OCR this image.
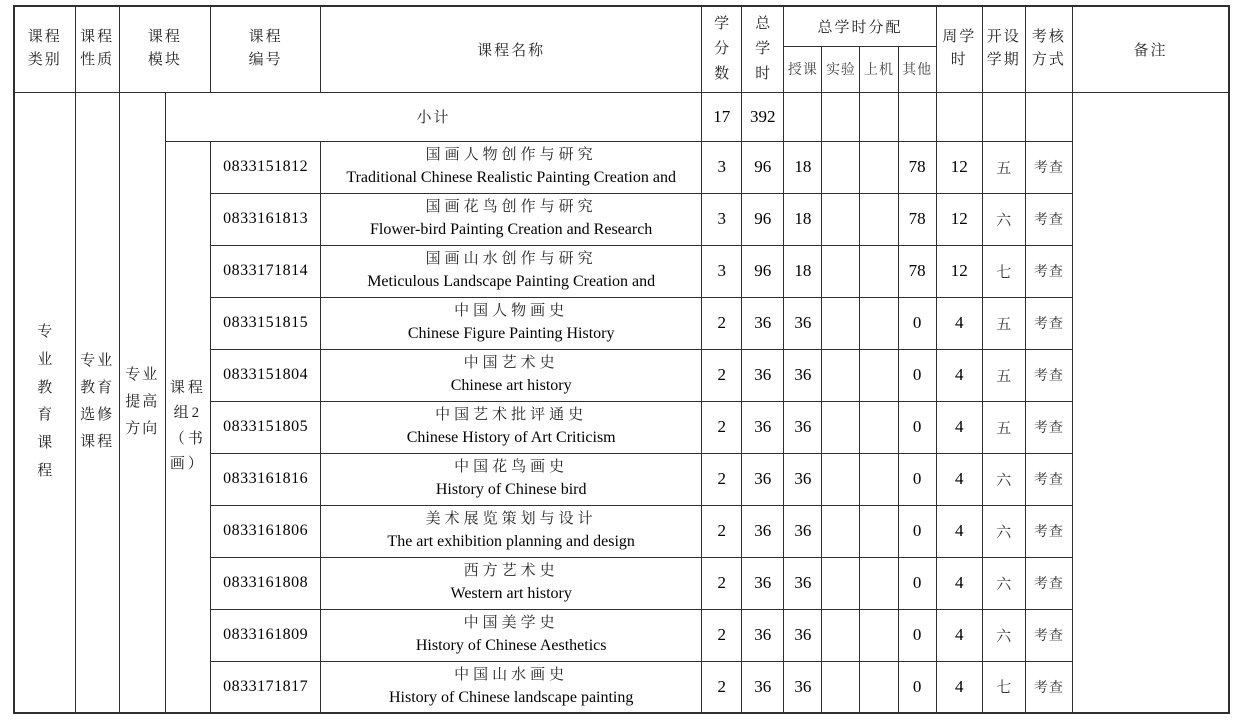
课程类别	课程性质	课程模块		课程编号	课程名称	学分数	总学时	总学时分配				周学时	开设学期	考核方式	备注
								授课	实验	上机	其他				
专业教育课程	专业教育选修课程	专业提高方向	小计			17	392								
			课程组2（书画）	0833151812	国画人物创作与研究
Traditional Chinese Realistic Painting Creation and	3	96	18			78	12	五	考查	
				0833161813	国画花鸟创作与研究
Flower-bird Painting Creation and Research	3	96	18			78	12	六	考查	
				0833171814	国画山水创作与研究
Meticulous Landscape Painting Creation and	3	96	18			78	12	七	考查	
				0833151815	中国人物画史
Chinese Figure Painting History	2	36	36			0	4	五	考查	
				0833151804	中国艺术史
Chinese art history	2	36	36			0	4	五	考查	
				0833151805	中国艺术批评通史
Chinese History of Art Criticism	2	36	36			0	4	五	考查	
				0833161816	中国花鸟画史
History of Chinese bird	2	36	36			0	4	六	考查	
				0833161806	美术展览策划与设计
The art exhibition planning and design	2	36	36			0	4	六	考查	
				0833161808	西方艺术史
Western art history	2	36	36			0	4	六	考查	
				0833161809	中国美学史
History of Chinese Aesthetics	2	36	36			0	4	六	考查	
				0833171817	中国山水画史
History of Chinese landscape painting	2	36	36			0	4	七	考查	
